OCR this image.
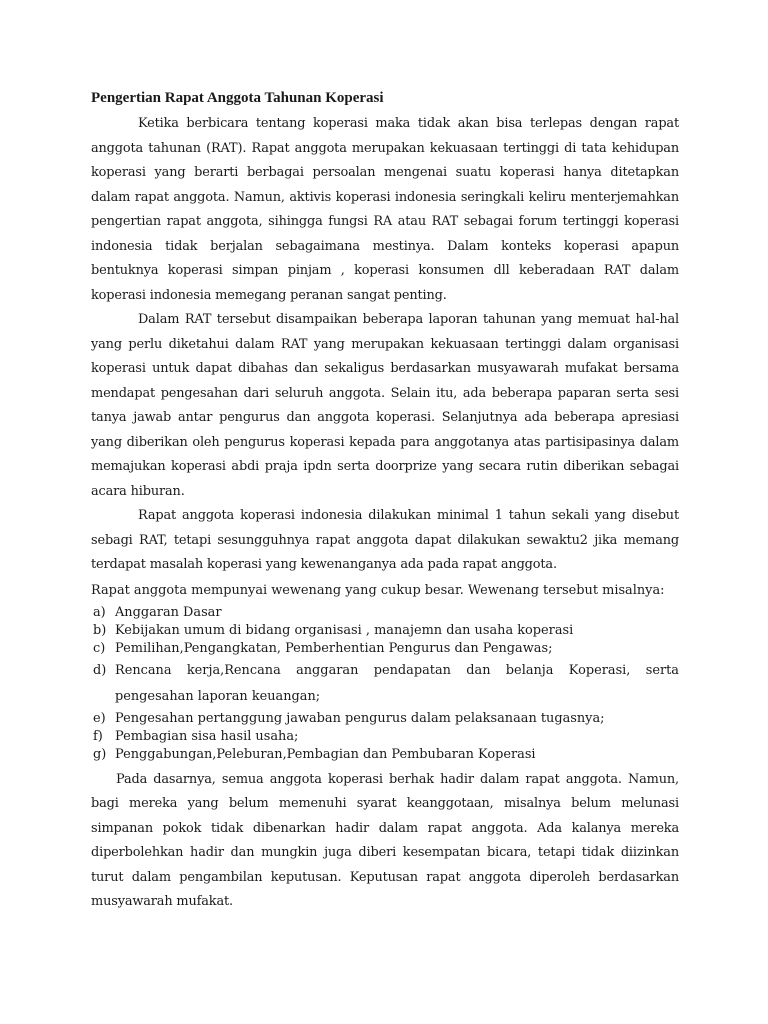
Pengertian Rapat Anggota Tahunan Koperasi

Ketika berbicara tentang koperasi maka tidak akan bisa terlepas dengan rapat anggota tahunan (RAT). Rapat anggota merupakan kekuasaan tertinggi di tata kehidupan koperasi yang berarti berbagai persoalan mengenai suatu koperasi hanya ditetapkan dalam rapat anggota. Namun, aktivis koperasi indonesia seringkali keliru menterjemahkan pengertian rapat anggota, sihingga fungsi RA atau RAT sebagai forum tertinggi koperasi indonesia tidak berjalan sebagaimana mestinya. Dalam konteks koperasi apapun bentuknya koperasi simpan pinjam , koperasi konsumen dll keberadaan RAT dalam koperasi indonesia memegang peranan sangat penting.

Dalam RAT tersebut disampaikan beberapa laporan tahunan yang memuat hal-hal yang perlu diketahui dalam RAT yang merupakan kekuasaan tertinggi dalam organisasi koperasi untuk dapat dibahas dan sekaligus berdasarkan musyawarah mufakat bersama mendapat pengesahan dari seluruh anggota. Selain itu, ada beberapa paparan serta sesi tanya jawab antar pengurus dan anggota koperasi. Selanjutnya ada beberapa apresiasi yang diberikan oleh pengurus koperasi kepada para anggotanya atas partisipasinya dalam memajukan koperasi abdi praja ipdn serta doorprize yang secara rutin diberikan sebagai acara hiburan.

Rapat anggota koperasi indonesia dilakukan minimal 1 tahun sekali yang disebut sebagi RAT, tetapi sesungguhnya rapat anggota dapat dilakukan sewaktu2 jika memang terdapat masalah koperasi yang kewenanganya ada pada rapat anggota.

Rapat anggota mempunyai wewenang yang cukup besar. Wewenang tersebut misalnya:

a) Anggaran Dasar
b) Kebijakan umum di bidang organisasi , manajemn dan usaha koperasi
c) Pemilihan,Pengangkatan, Pemberhentian Pengurus dan Pengawas;
d) Rencana kerja,Rencana anggaran pendapatan dan belanja Koperasi, serta pengesahan laporan keuangan;
e) Pengesahan pertanggung jawaban pengurus dalam pelaksanaan tugasnya;
f) Pembagian sisa hasil usaha;
g) Penggabungan,Peleburan,Pembagian dan Pembubaran Koperasi

Pada dasarnya, semua anggota koperasi berhak hadir dalam rapat anggota. Namun, bagi mereka yang belum memenuhi syarat keanggotaan, misalnya belum melunasi simpanan pokok tidak dibenarkan hadir dalam rapat anggota. Ada kalanya mereka diperbolehkan hadir dan mungkin juga diberi kesempatan bicara, tetapi tidak diizinkan turut dalam pengambilan keputusan. Keputusan rapat anggota diperoleh berdasarkan musyawarah mufakat.
